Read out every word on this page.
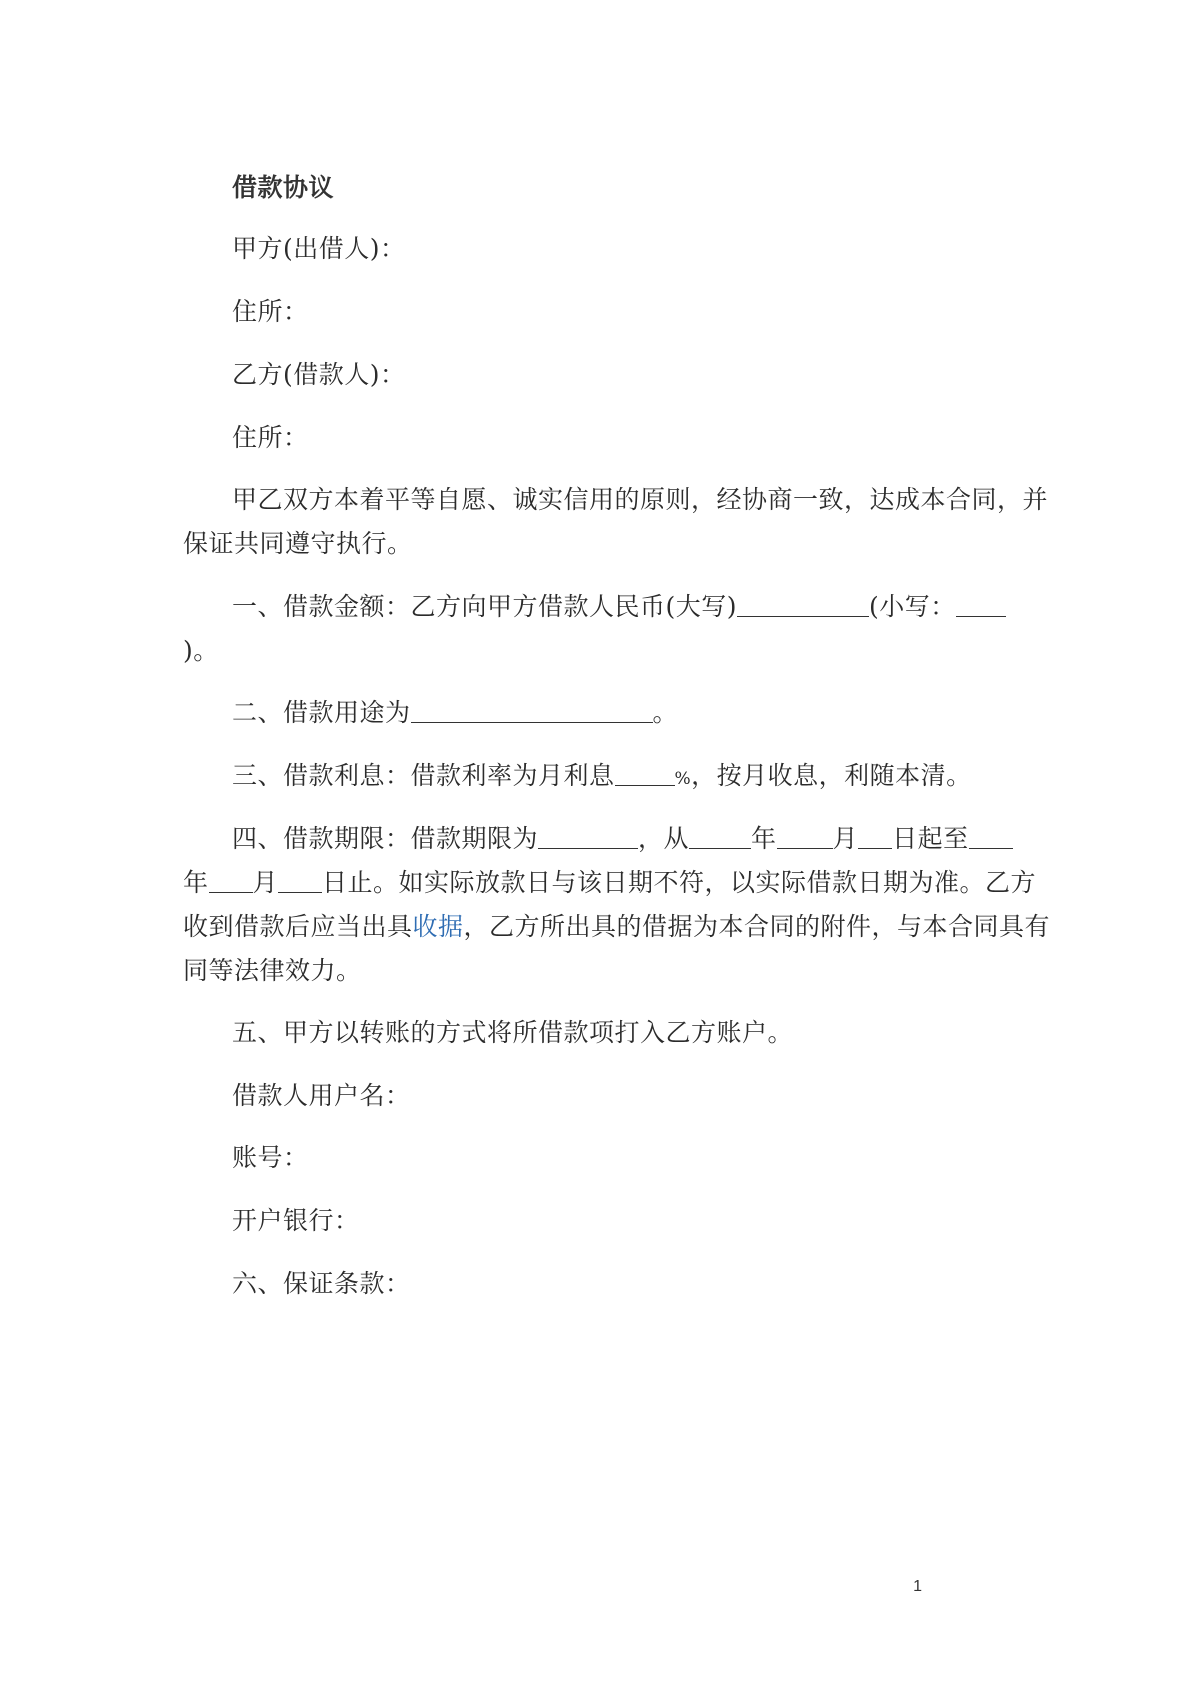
借款协议
甲方(出借人)：
住所：
乙方(借款人)：
住所：
甲乙双方本着平等自愿、诚实信用的原则，经协商一致，达成本合同，并
保证共同遵守执行。
一、借款金额：乙方向甲方借款人民币(大写)	(小写：
)。
二、借款用途为	。
三、借款利息：借款利率为月利息	%，按月收息，利随本清。
四、借款期限：借款期限为	，从 年 月 日起至
年 月 日止。如实际放款日与该日期不符，以实际借款日期为准。乙方
收到借款后应当出具收据，乙方所出具的借据为本合同的附件，与本合同具有
同等法律效力。
五、甲方以转账的方式将所借款项打入乙方账户。
借款人用户名：
账号：
开户银行：
六、保证条款：
1
